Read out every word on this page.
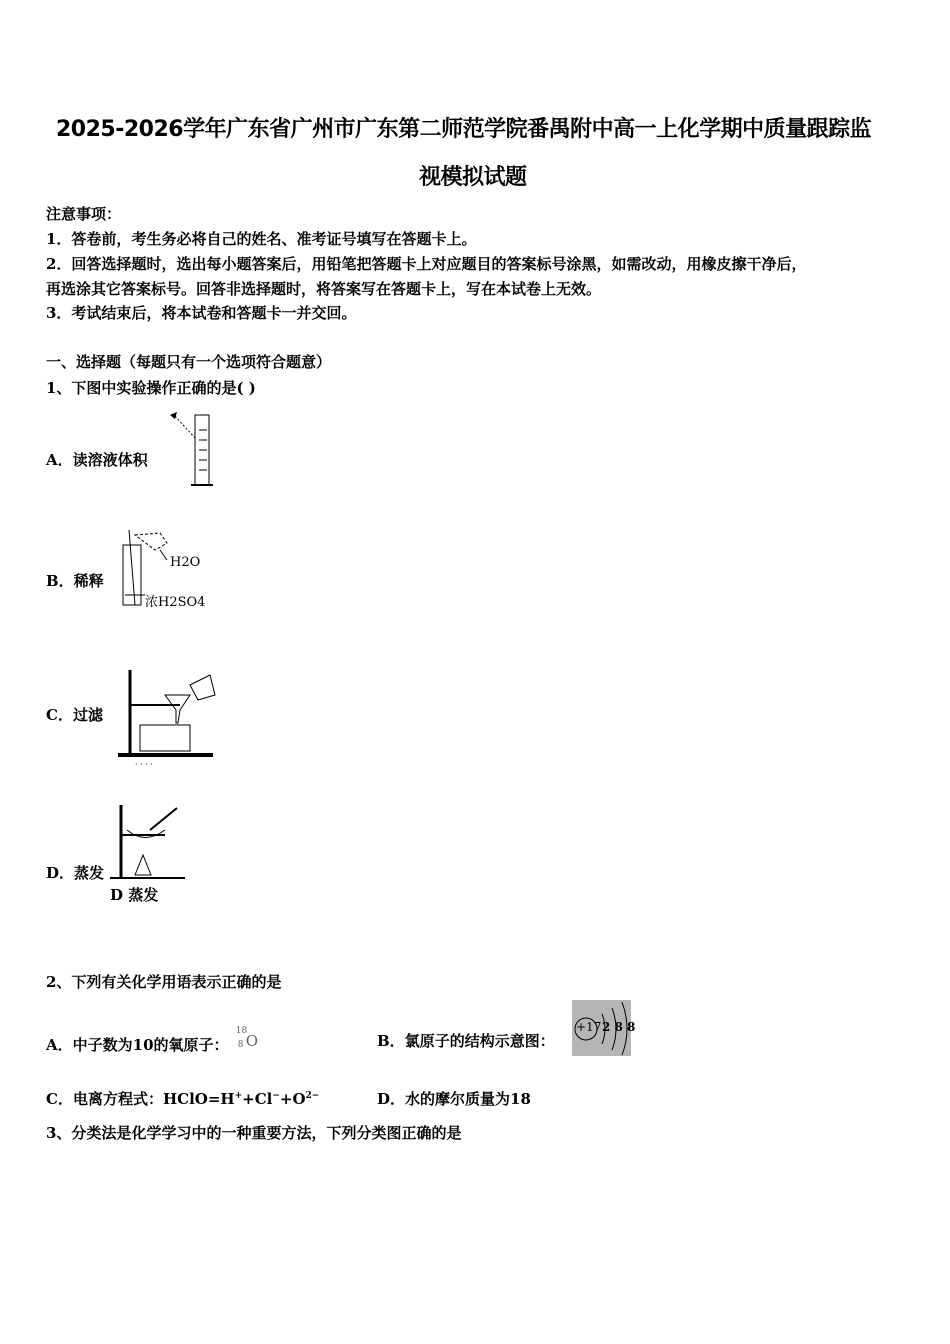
2025-2026学年广东省广州市广东第二师范学院番禺附中高一上化学期中质量跟踪监
视模拟试题
注意事项：
1．答卷前，考生务必将自己的姓名、准考证号填写在答题卡上。
2．回答选择题时，选出每小题答案后，用铅笔把答题卡上对应题目的答案标号涂黑，如需改动，用橡皮擦干净后，
再选涂其它答案标号。回答非选择题时，将答案写在答题卡上，写在本试卷上无效。
3．考试结束后，将本试卷和答题卡一并交回。
一、选择题（每题只有一个选项符合题意）
1、下图中实验操作正确的是( )
A．读溶液体积
B．稀释
H2O
浓H2SO4
C．过滤
· · · ·
D．蒸发
D 蒸发
2、下列有关化学用语表示正确的是
A．中子数为10的氧原子：
18
8 O	B．氯原子的结构示意图：
+17 2 8 8
C．电离方程式：$HClO=H^++Cl^-+O^{2-}$	D．水的摩尔质量为18
3、分类法是化学学习中的一种重要方法，下列分类图正确的是
